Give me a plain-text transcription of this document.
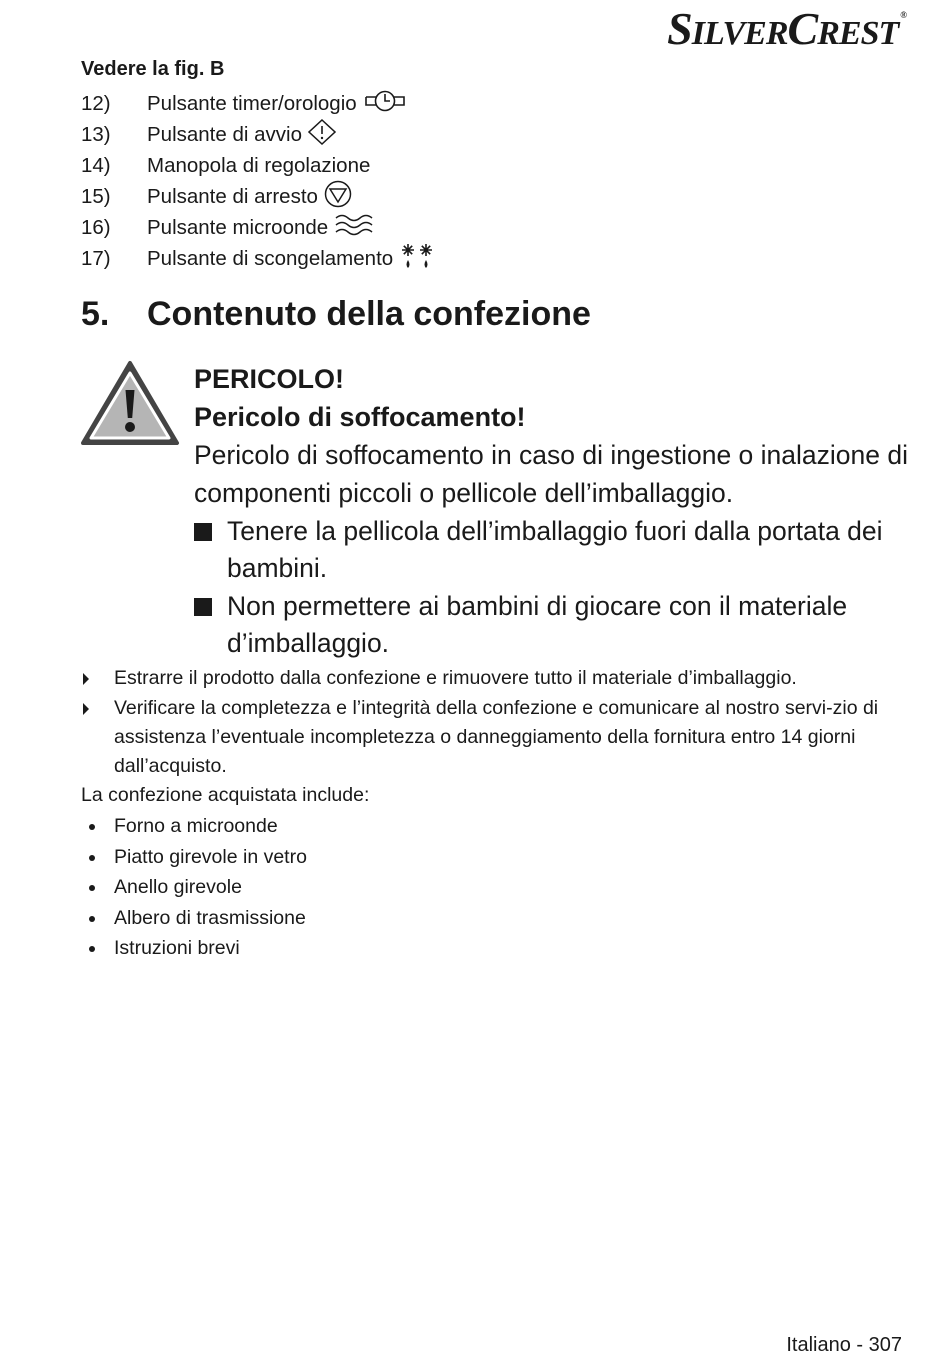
SILVERCREST ®
Vedere la fig. B
12)	Pulsante timer/orologio
13)	Pulsante di avvio
14)	Manopola di regolazione
15)	Pulsante di arresto
16)	Pulsante microonde
17)	Pulsante di scongelamento
5.	Contenuto della confezione
PERICOLO!
Pericolo di soffocamento!
Pericolo di soffocamento in caso di ingestione o inalazione di componenti piccoli o pellicole dell’imballaggio.
Tenere la pellicola dell’imballaggio fuori dalla portata dei bambini.
Non permettere ai bambini di giocare con il materiale d’imballaggio.
Estrarre il prodotto dalla confezione e rimuovere tutto il materiale d’imballaggio.
Verificare la completezza e l’integrità della confezione e comunicare al nostro servi-zio di assistenza l’eventuale incompletezza o danneggiamento della fornitura entro 14 giorni dall’acquisto.
La confezione acquistata include:
Forno a microonde
Piatto girevole in vetro
Anello girevole
Albero di trasmissione
Istruzioni brevi
Italiano - 307
